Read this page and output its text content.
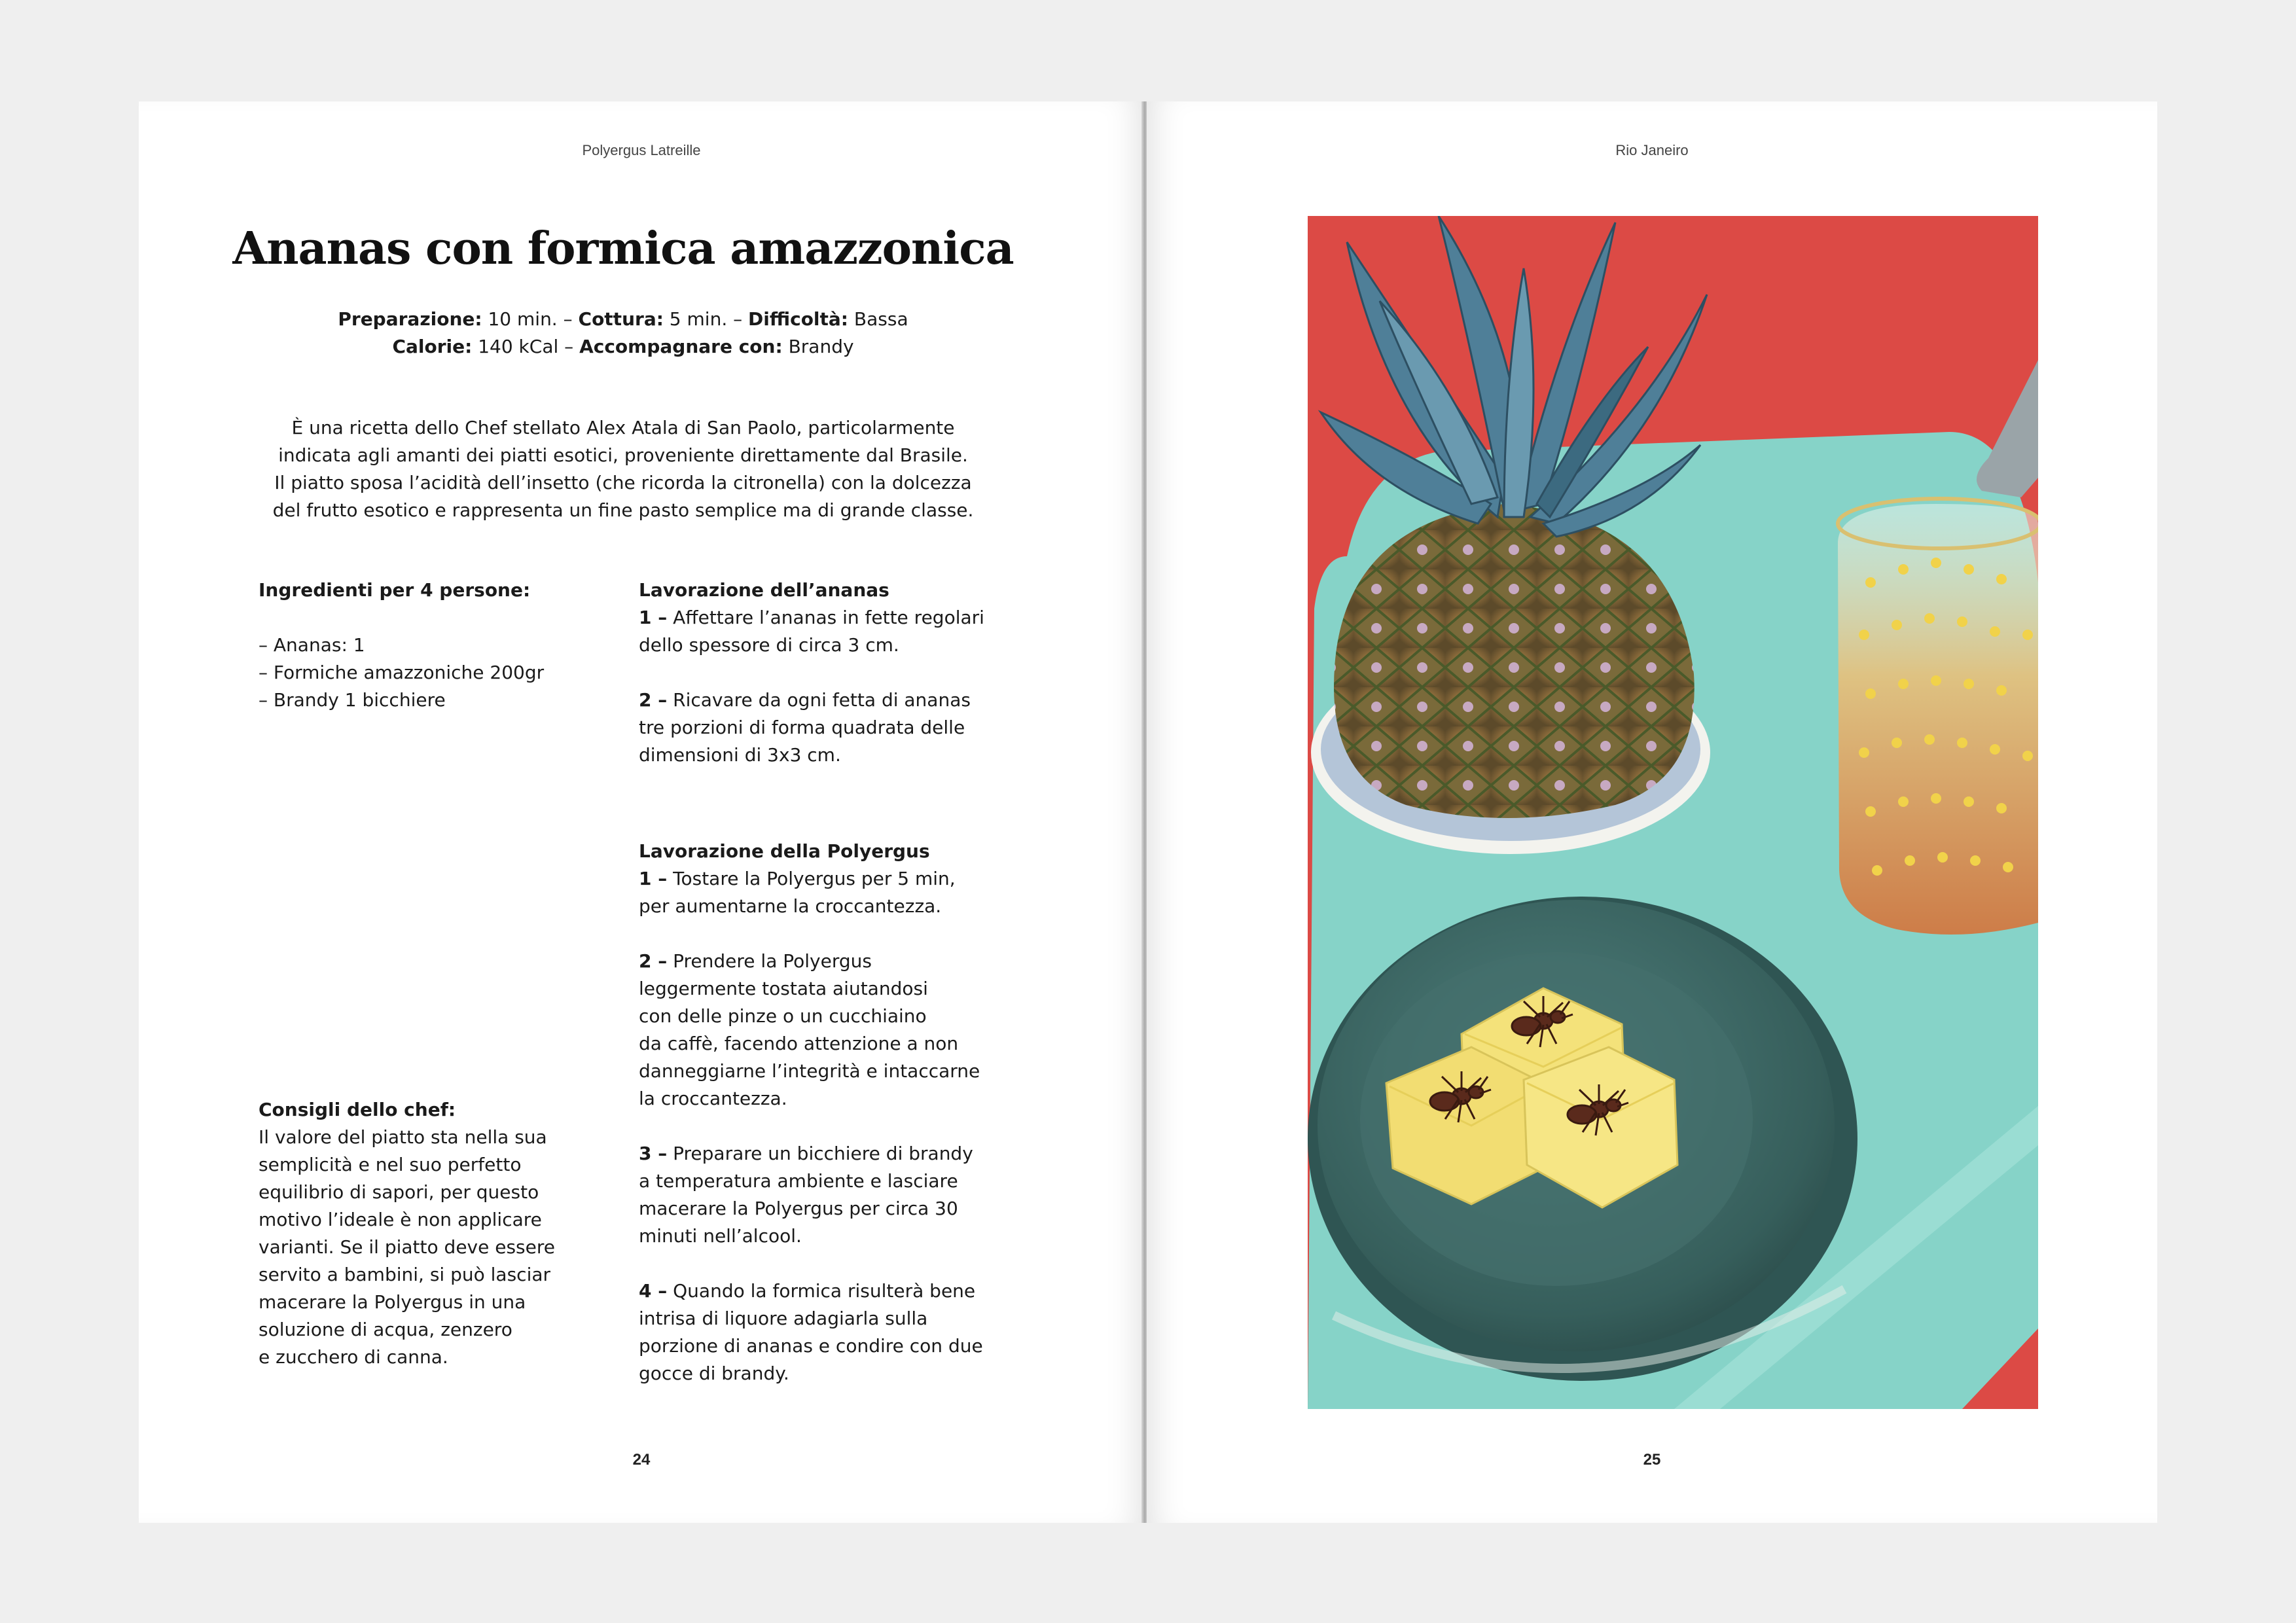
Polyergus Latreille
Ananas con formica amazzonica
Preparazione: 10 min. – Cottura: 5 min. – Difficoltà: Bassa
Calorie: 140 kCal – Accompagnare con: Brandy
È una ricetta dello Chef stellato Alex Atala di San Paolo, particolarmente
indicata agli amanti dei piatti esotici, proveniente direttamente dal Brasile.
Il piatto sposa l’acidità dell’insetto (che ricorda la citronella) con la dolcezza
del frutto esotico e rappresenta un fine pasto semplice ma di grande classe.
Ingredienti per 4 persone:
– Ananas: 1
– Formiche amazzoniche 200gr
– Brandy 1 bicchiere
Consigli dello chef:
Il valore del piatto sta nella sua
semplicità e nel suo perfetto
equilibrio di sapori, per questo
motivo l’ideale è non applicare
varianti. Se il piatto deve essere
servito a bambini, si può lasciar
macerare la Polyergus in una
soluzione di acqua, zenzero
e zucchero di canna.
Lavorazione dell’ananas
1 – Affettare l’ananas in fette regolari
dello spessore di circa 3 cm.
2 – Ricavare da ogni fetta di ananas
tre porzioni di forma quadrata delle
dimensioni di 3x3 cm.
Lavorazione della Polyergus
1 – Tostare la Polyergus per 5 min,
per aumentarne la croccantezza.
2 – Prendere la Polyergus
leggermente tostata aiutandosi
con delle pinze o un cucchiaino
da caffè, facendo attenzione a non
danneggiarne l’integrità e intaccarne
la croccantezza.
3 – Preparare un bicchiere di brandy
a temperatura ambiente e lasciare
macerare la Polyergus per circa 30
minuti nell’alcool.
4 – Quando la formica risulterà bene
intrisa di liquore adagiarla sulla
porzione di ananas e condire con due
gocce di brandy.
24
Rio Janeiro
25
